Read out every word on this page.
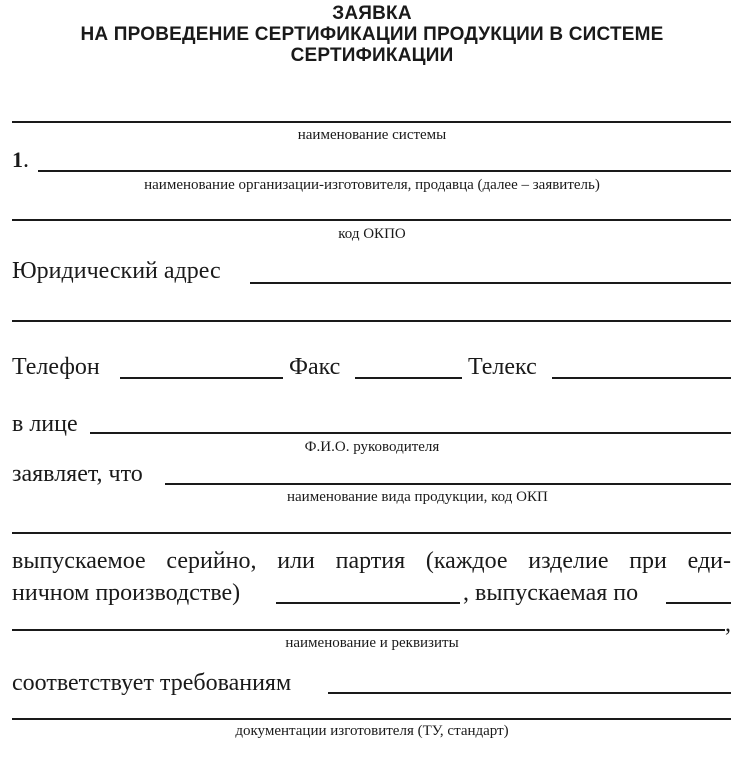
ЗАЯВКА
НА ПРОВЕДЕНИЕ СЕРТИФИКАЦИИ ПРОДУКЦИИ В СИСТЕМЕ
СЕРТИФИКАЦИИ
наименование системы
1.
наименование организации-изготовителя, продавца (далее – заявитель)
код ОКПО
Юридический адрес
Телефон	Факс	Телекс
в лице
Ф.И.О. руководителя
заявляет, что
наименование вида продукции, код ОКП
выпускаемое серийно, или партия (каждое изделие при еди-
ничном производстве)	, выпускаемая по
,
наименование и реквизиты
соответствует требованиям
документации изготовителя (ТУ, стандарт)
